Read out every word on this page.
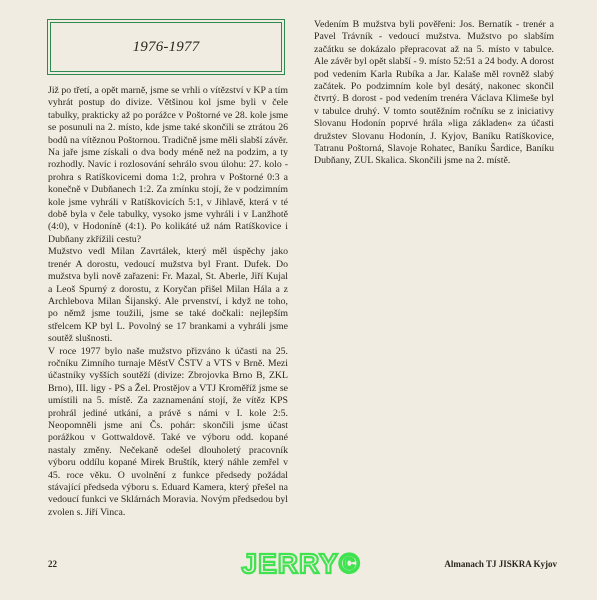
1976-1977

Již po třetí, a opět marně, jsme se vrhli o vítězství v KP a tím vyhrát postup do divize. Většinou kol jsme byli v čele tabulky, prakticky až po porážce v Poštorné ve 28. kole jsme se posunuli na 2. místo, kde jsme také skončili se ztrátou 26 bodů na vítěznou Poštornou. Tradičně jsme měli slabší závěr. Na jaře jsme získali o dva body méně než na podzim, a ty rozhodly. Navíc i rozlosování sehrálo svou úlohu: 27. kolo - prohra s Ratíškovicemi doma 1:2, prohra v Poštorné 0:3 a konečně v Dubňanech 1:2. Za zmínku stojí, že v podzimním kole jsme vyhráli v Ratíškovicích 5:1, v Jihlavě, která v té době byla v čele tabulky, vysoko jsme vyhráli i v Lanžhotě (4:0), v Hodoníně (4:1). Po kolikáté už nám Ratíškovice i Dubňany zkřížili cestu?

Mužstvo vedl Milan Zavrtálek, který měl úspěchy jako trenér A dorostu, vedoucí mužstva byl Frant. Dufek. Do mužstva byli nově zařazeni: Fr. Mazal, St. Aberle, Jiří Kujal a Leoš Spurný z dorostu, z Koryčan přišel Milan Hála a z Archlebova Milan Šijanský. Ale prvenství, i když ne toho, po němž jsme toužili, jsme se také dočkali: nejlepším střelcem KP byl L. Povolný se 17 brankami a vyhráli jsme soutěž slušnosti.

V roce 1977 bylo naše mužstvo přizváno k účasti na 25. ročníku Zimního turnaje MěstV ČSTV a VTS v Brně. Mezi účastníky vyšších soutěží (divize: Zbrojovka Brno B, ZKL Brno), III. ligy - PS a Žel. Prostějov a VTJ Kroměříž jsme se umístili na 5. místě. Za zaznamenání stojí, že vítěz KPS prohrál jediné utkání, a právě s námi v I. kole 2:5. Neopomněli jsme ani Čs. pohár: skončili jsme účast porážkou v Gottwaldově. Také ve výboru odd. kopané nastaly změny. Nečekaně odešel dlouholetý pracovník výboru oddílu kopané Mirek Bruštík, který náhle zemřel v 45. roce věku. O uvolnění z funkce předsedy požádal stávající předseda výboru s. Eduard Kamera, který přešel na vedoucí funkci ve Sklárnách Moravia. Novým předsedou byl zvolen s. Jiří Vinca.

Vedením B mužstva byli pověřeni: Jos. Bernatík - trenér a Pavel Trávník - vedoucí mužstva. Mužstvo po slabším začátku se dokázalo přepracovat až na 5. místo v tabulce. Ale závěr byl opět slabší - 9. místo 52:51 a 24 body. A dorost pod vedením Karla Rubíka a Jar. Kalaše měl rovněž slabý začátek. Po podzimním kole byl desátý, nakonec skončil čtvrtý. B dorost - pod vedením trenéra Václava Klimeše byl v tabulce druhý. V tomto soutěžním ročníku se z iniciativy Slovanu Hodonín poprvé hrála »liga základen« za účasti družstev Slovanu Hodonín, J. Kyjov, Baníku Ratíškovice, Tatranu Poštorná, Slavoje Rohatec, Baníku Šardice, Baníku Dubňany, ZUL Skalica. Skončili jsme na 2. místě.

22	JERRY©	Almanach TJ JISKRA Kyjov
